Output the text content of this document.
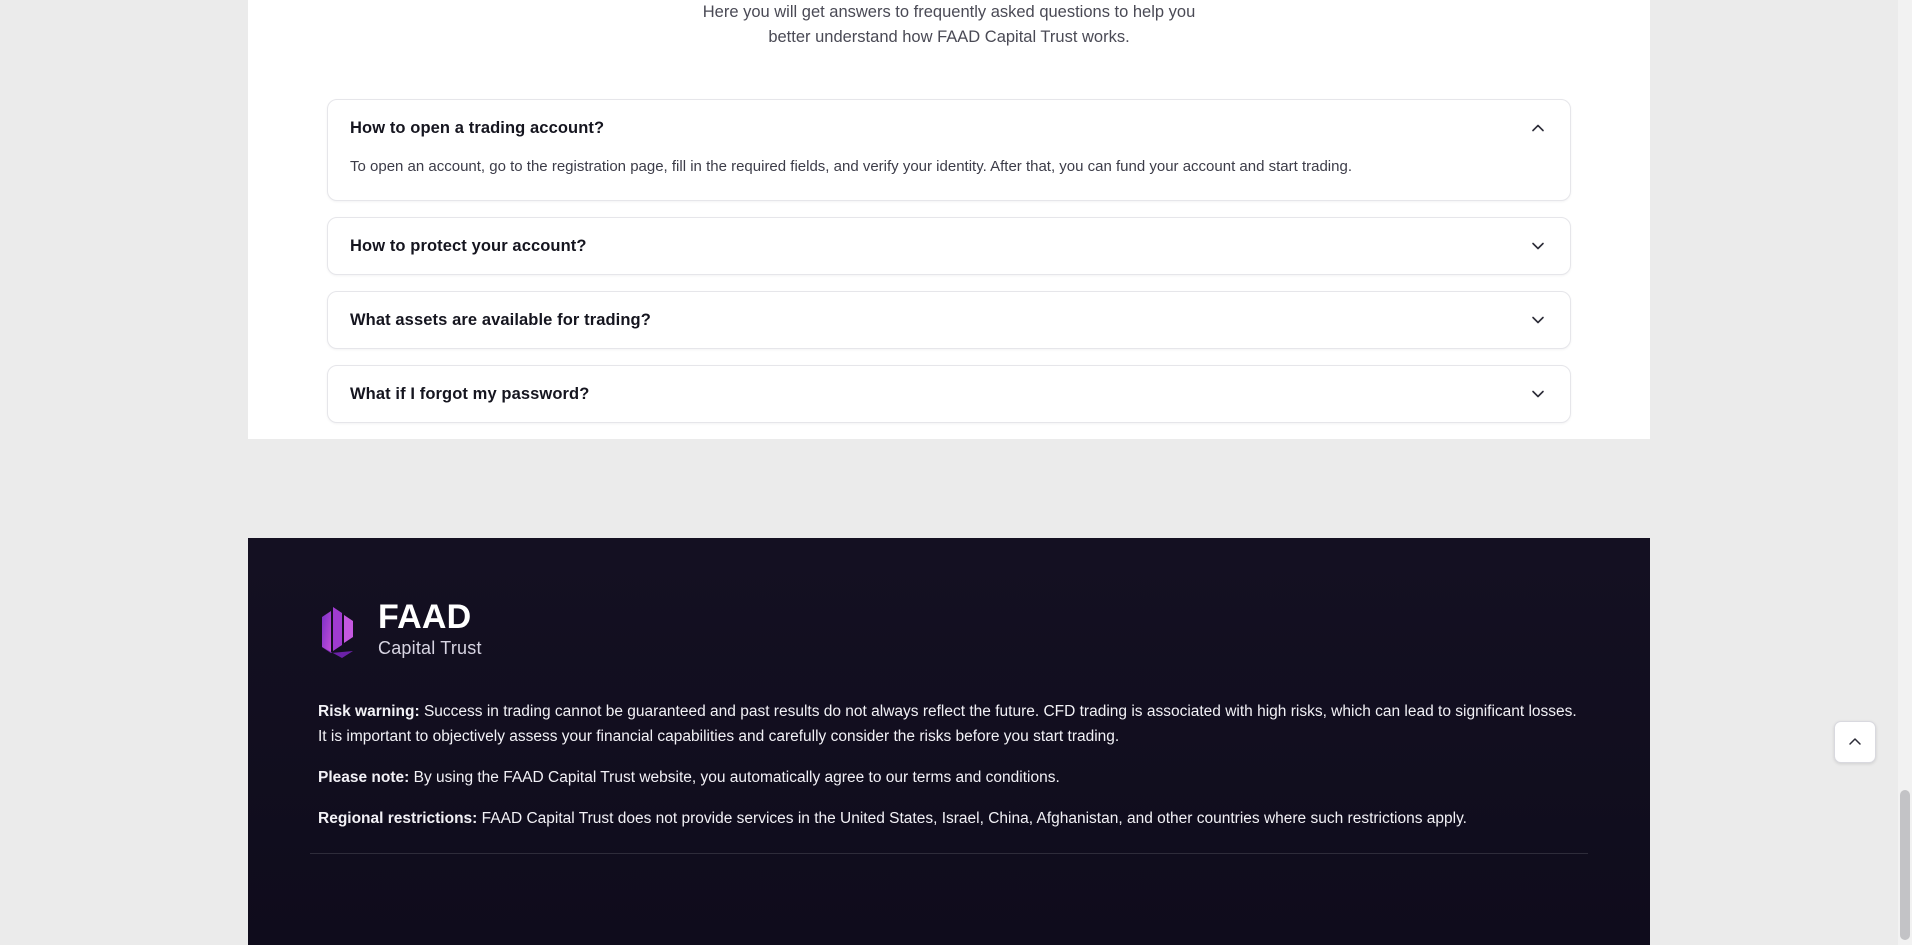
Here you will get answers to frequently asked questions to help you

better understand how FAAD Capital Trust works.

How to open a trading account?
To open an account, go to the registration page, fill in the required fields, and verify your identity. After that, you can fund your account and start trading.
How to protect your account?
What assets are available for trading?
What if I forgot my password?
FAAD
Capital Trust

Risk warning: Success in trading cannot be guaranteed and past results do not always reflect the future. CFD trading is associated with high risks, which can lead to significant losses. It is important to objectively assess your financial capabilities and carefully consider the risks before you start trading.

Please note: By using the FAAD Capital Trust website, you automatically agree to our terms and conditions.

Regional restrictions: FAAD Capital Trust does not provide services in the United States, Israel, China, Afghanistan, and other countries where such restrictions apply.
